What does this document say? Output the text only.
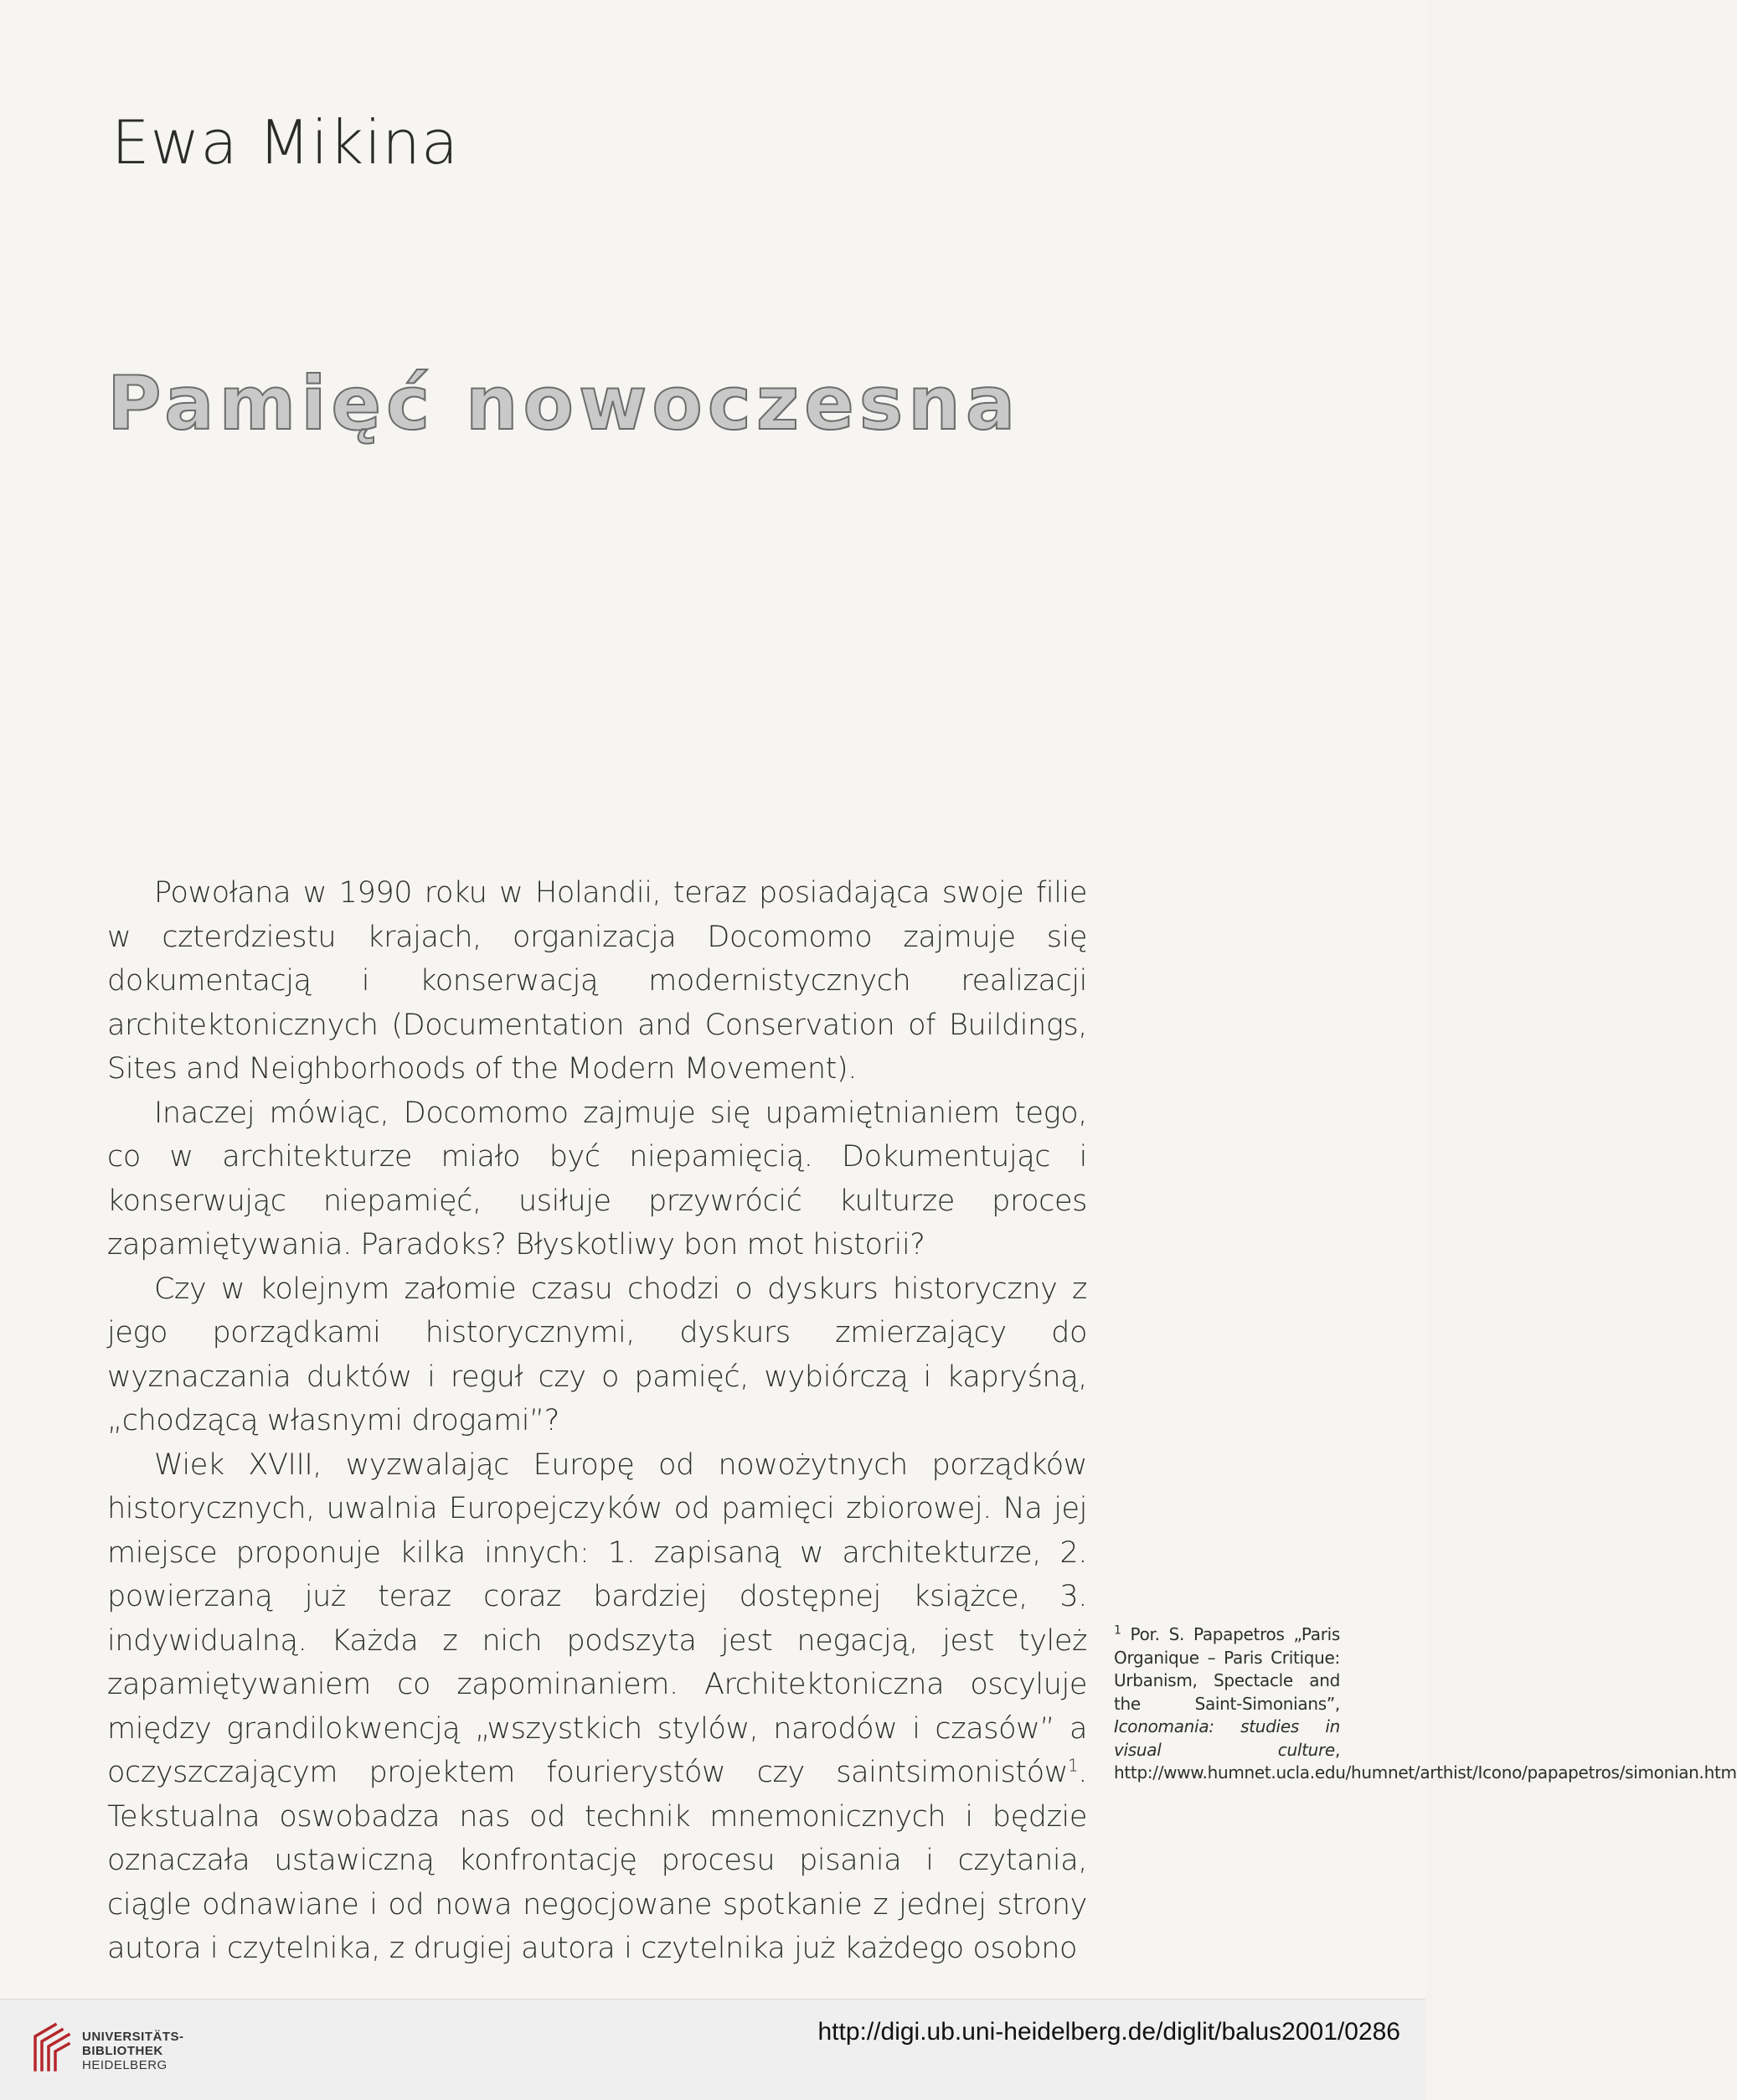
Ewa Mikina
Pamięć nowoczesna

Powołana w 1990 roku w Holandii, teraz posiadająca swoje filie w czterdziestu krajach, organizacja Docomomo zajmuje się dokumentacją i konserwacją modernistycznych realizacji architektonicznych (Documentation and Conservation of Buildings, Sites and Neighborhoods of the Modern Movement).

Inaczej mówiąc, Docomomo zajmuje się upamiętnianiem tego, co w architekturze miało być niepamięcią. Dokumentując i konserwując niepamięć, usiłuje przywrócić kulturze proces zapamiętywania. Paradoks? Błyskotliwy bon mot historii?

Czy w kolejnym załomie czasu chodzi o dyskurs historyczny z jego porządkami historycznymi, dyskurs zmierzający do wyznaczania duktów i reguł czy o pamięć, wybiórczą i kapryśną, „chodzącą własnymi drogami”?

Wiek XVIII, wyzwalając Europę od nowożytnych porządków historycznych, uwalnia Europejczyków od pamięci zbiorowej. Na jej miejsce proponuje kilka innych: 1. zapisaną w architekturze, 2. powierzaną już teraz coraz bardziej dostępnej książce, 3. indywidualną. Każda z nich podszyta jest negacją, jest tyleż zapamiętywaniem co zapominaniem. Architektoniczna oscyluje między grandilokwencją „wszystkich stylów, narodów i czasów” a oczyszczającym projektem fourierystów czy saintsimonistów$^1$. Tekstualna oswobadza nas od technik mnemonicznych i będzie oznaczała ustawiczną konfrontację procesu pisania i czytania, ciągle odnawiane i od nowa negocjowane spotkanie z jednej strony autora i czytelnika, z drugiej autora i czytelnika już każdego osobno

$^1$ Por. S. Papapetros „Paris Organique – Paris Critique: Urbanism, Spectacle and the Saint-Simonians”, Iconomania: studies in visual culture, http://www.humnet.ucla.edu/humnet/arthist/Icono/papapetros/simonian.htm
UNIVERSITÄTS-
BIBLIOTHEK
HEIDELBERG
http://digi.ub.uni-heidelberg.de/diglit/balus2001/0286
